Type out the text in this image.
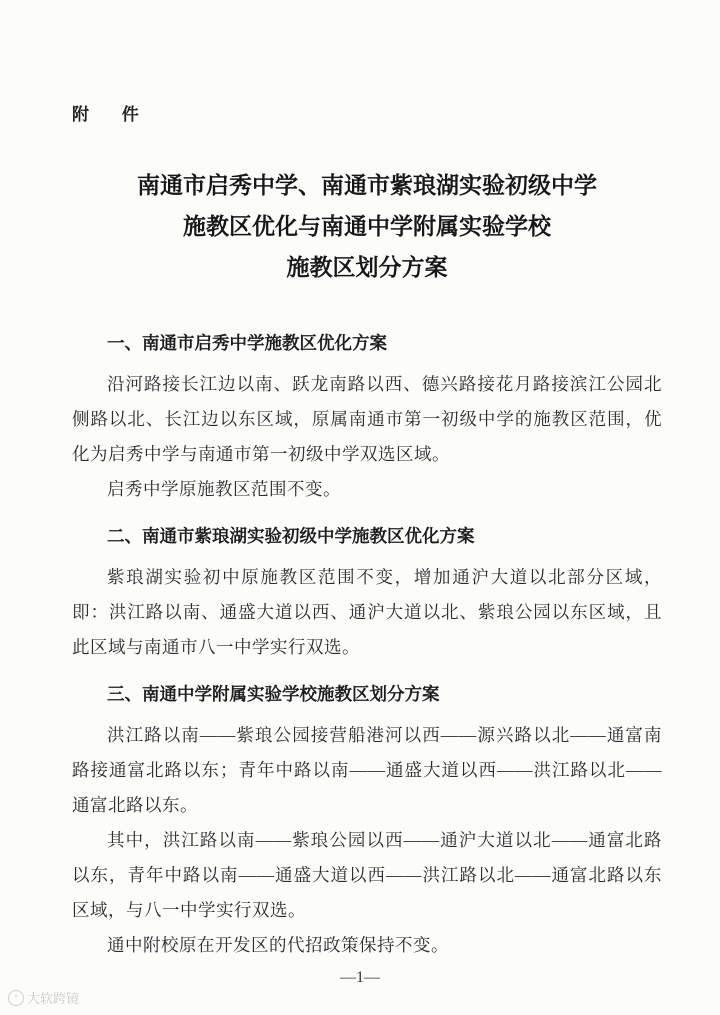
附 件
南通市启秀中学、南通市紫琅湖实验初级中学
施教区优化与南通中学附属实验学校
施教区划分方案

一、南通市启秀中学施教区优化方案

沿河路接长江边以南、跃龙南路以西、德兴路接花月路接滨江公园北侧路以北、长江边以东区域，原属南通市第一初级中学的施教区范围，优化为启秀中学与南通市第一初级中学双选区域。

启秀中学原施教区范围不变。

二、南通市紫琅湖实验初级中学施教区优化方案

紫琅湖实验初中原施教区范围不变，增加通沪大道以北部分区域，即：洪江路以南、通盛大道以西、通沪大道以北、紫琅公园以东区域，且此区域与南通市八一中学实行双选。

三、南通中学附属实验学校施教区划分方案

洪江路以南——紫琅公园接营船港河以西——源兴路以北——通富南路接通富北路以东；青年中路以南——通盛大道以西——洪江路以北——通富北路以东。

其中，洪江路以南——紫琅公园以西——通沪大道以北——通富北路以东，青年中路以南——通盛大道以西——洪江路以北——通富北路以东区域，与八一中学实行双选。

通中附校原在开发区的代招政策保持不变。

—1—
° 大软跨镜
